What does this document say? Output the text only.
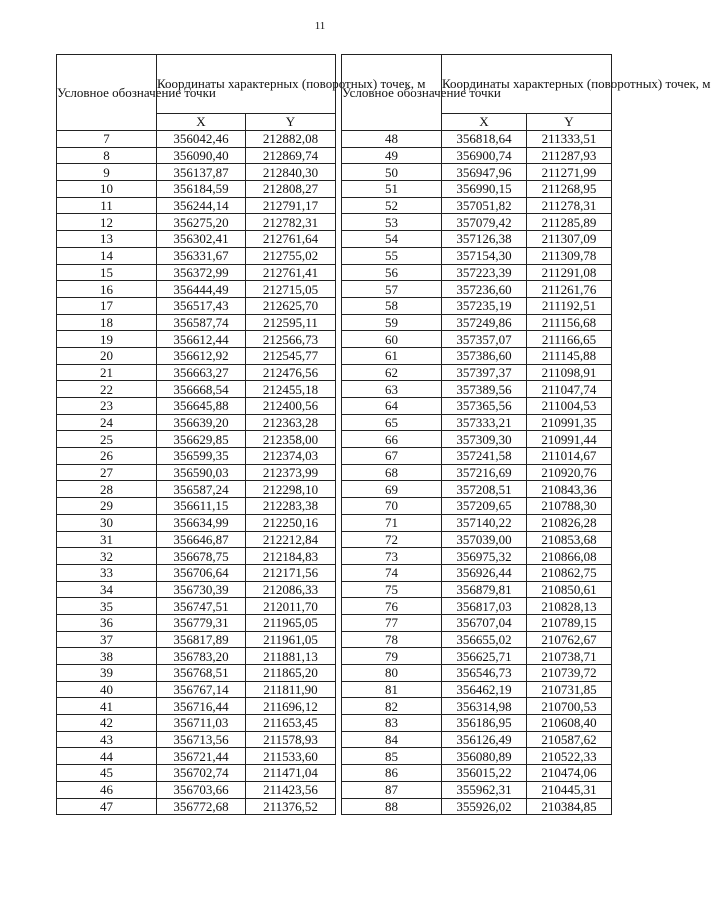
11
Условное обозначение точки	Координаты характерных (поворотных) точек, м	
	X	Y
7	356042,46	212882,08
8	356090,40	212869,74
9	356137,87	212840,30
10	356184,59	212808,27
11	356244,14	212791,17
12	356275,20	212782,31
13	356302,41	212761,64
14	356331,67	212755,02
15	356372,99	212761,41
16	356444,49	212715,05
17	356517,43	212625,70
18	356587,74	212595,11
19	356612,44	212566,73
20	356612,92	212545,77
21	356663,27	212476,56
22	356668,54	212455,18
23	356645,88	212400,56
24	356639,20	212363,28
25	356629,85	212358,00
26	356599,35	212374,03
27	356590,03	212373,99
28	356587,24	212298,10
29	356611,15	212283,38
30	356634,99	212250,16
31	356646,87	212212,84
32	356678,75	212184,83
33	356706,64	212171,56
34	356730,39	212086,33
35	356747,51	212011,70
36	356779,31	211965,05
37	356817,89	211961,05
38	356783,20	211881,13
39	356768,51	211865,20
40	356767,14	211811,90
41	356716,44	211696,12
42	356711,03	211653,45
43	356713,56	211578,93
44	356721,44	211533,60
45	356702,74	211471,04
46	356703,66	211423,56
47	356772,68	211376,52
Условное обозначение точки	Координаты характерных (поворотных) точек, м	
	X	Y
48	356818,64	211333,51
49	356900,74	211287,93
50	356947,96	211271,99
51	356990,15	211268,95
52	357051,82	211278,31
53	357079,42	211285,89
54	357126,38	211307,09
55	357154,30	211309,78
56	357223,39	211291,08
57	357236,60	211261,76
58	357235,19	211192,51
59	357249,86	211156,68
60	357357,07	211166,65
61	357386,60	211145,88
62	357397,37	211098,91
63	357389,56	211047,74
64	357365,56	211004,53
65	357333,21	210991,35
66	357309,30	210991,44
67	357241,58	211014,67
68	357216,69	210920,76
69	357208,51	210843,36
70	357209,65	210788,30
71	357140,22	210826,28
72	357039,00	210853,68
73	356975,32	210866,08
74	356926,44	210862,75
75	356879,81	210850,61
76	356817,03	210828,13
77	356707,04	210789,15
78	356655,02	210762,67
79	356625,71	210738,71
80	356546,73	210739,72
81	356462,19	210731,85
82	356314,98	210700,53
83	356186,95	210608,40
84	356126,49	210587,62
85	356080,89	210522,33
86	356015,22	210474,06
87	355962,31	210445,31
88	355926,02	210384,85
